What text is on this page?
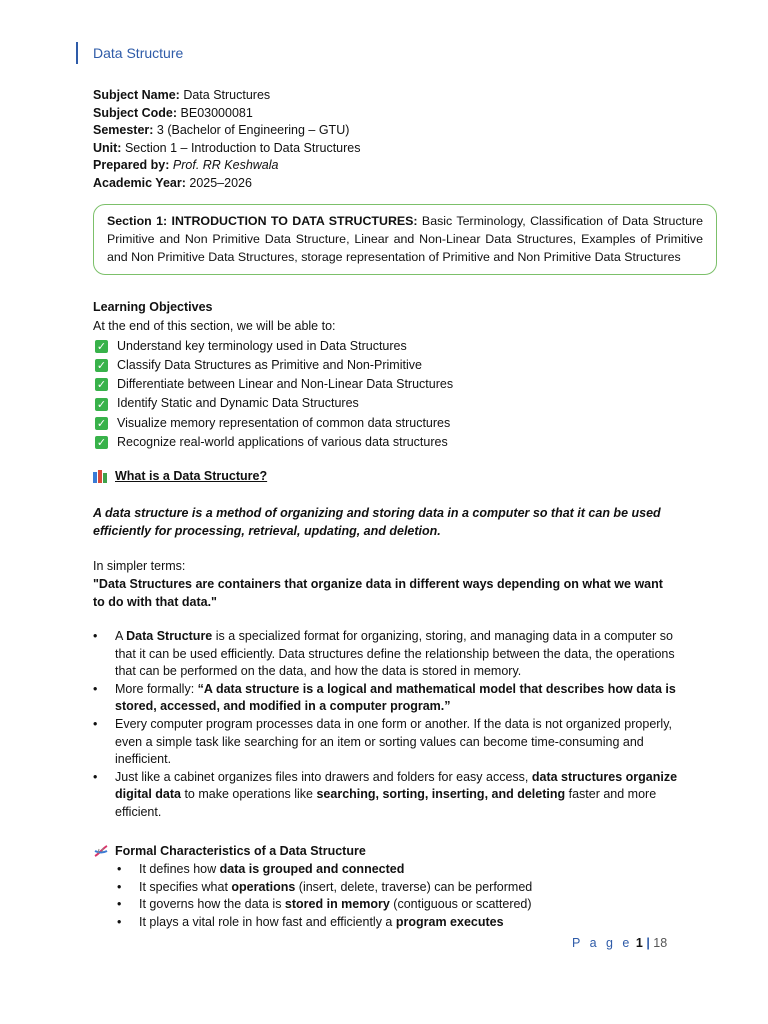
Data Structure
Subject Name: Data Structures
Subject Code: BE03000081
Semester: 3 (Bachelor of Engineering – GTU)
Unit: Section 1 – Introduction to Data Structures
Prepared by: Prof. RR Keshwala
Academic Year: 2025–2026
Section 1: INTRODUCTION TO DATA STRUCTURES: Basic Terminology, Classification of Data Structure Primitive and Non Primitive Data Structure, Linear and Non-Linear Data Structures, Examples of Primitive and Non Primitive Data Structures, storage representation of Primitive and Non Primitive Data Structures
Learning Objectives
At the end of this section, we will be able to:
✓ Understand key terminology used in Data Structures
✓ Classify Data Structures as Primitive and Non-Primitive
✓ Differentiate between Linear and Non-Linear Data Structures
✓ Identify Static and Dynamic Data Structures
✓ Visualize memory representation of common data structures
✓ Recognize real-world applications of various data structures
What is a Data Structure?
A data structure is a method of organizing and storing data in a computer so that it can be used efficiently for processing, retrieval, updating, and deletion.
In simpler terms:
"Data Structures are containers that organize data in different ways depending on what we want to do with that data."
•	A Data Structure is a specialized format for organizing, storing, and managing data in a computer so that it can be used efficiently. Data structures define the relationship between the data, the operations that can be performed on the data, and how the data is stored in memory.
•	More formally: “A data structure is a logical and mathematical model that describes how data is stored, accessed, and modified in a computer program.”
•	Every computer program processes data in one form or another. If the data is not organized properly, even a simple task like searching for an item or sorting values can become time-consuming and inefficient.
•	Just like a cabinet organizes files into drawers and folders for easy access, data structures organize digital data to make operations like searching, sorting, inserting, and deleting faster and more efficient.
Formal Characteristics of a Data Structure
•	It defines how data is grouped and connected
•	It specifies what operations (insert, delete, traverse) can be performed
•	It governs how the data is stored in memory (contiguous or scattered)
•	It plays a vital role in how fast and efficiently a program executes
P a g e 1 | 18
